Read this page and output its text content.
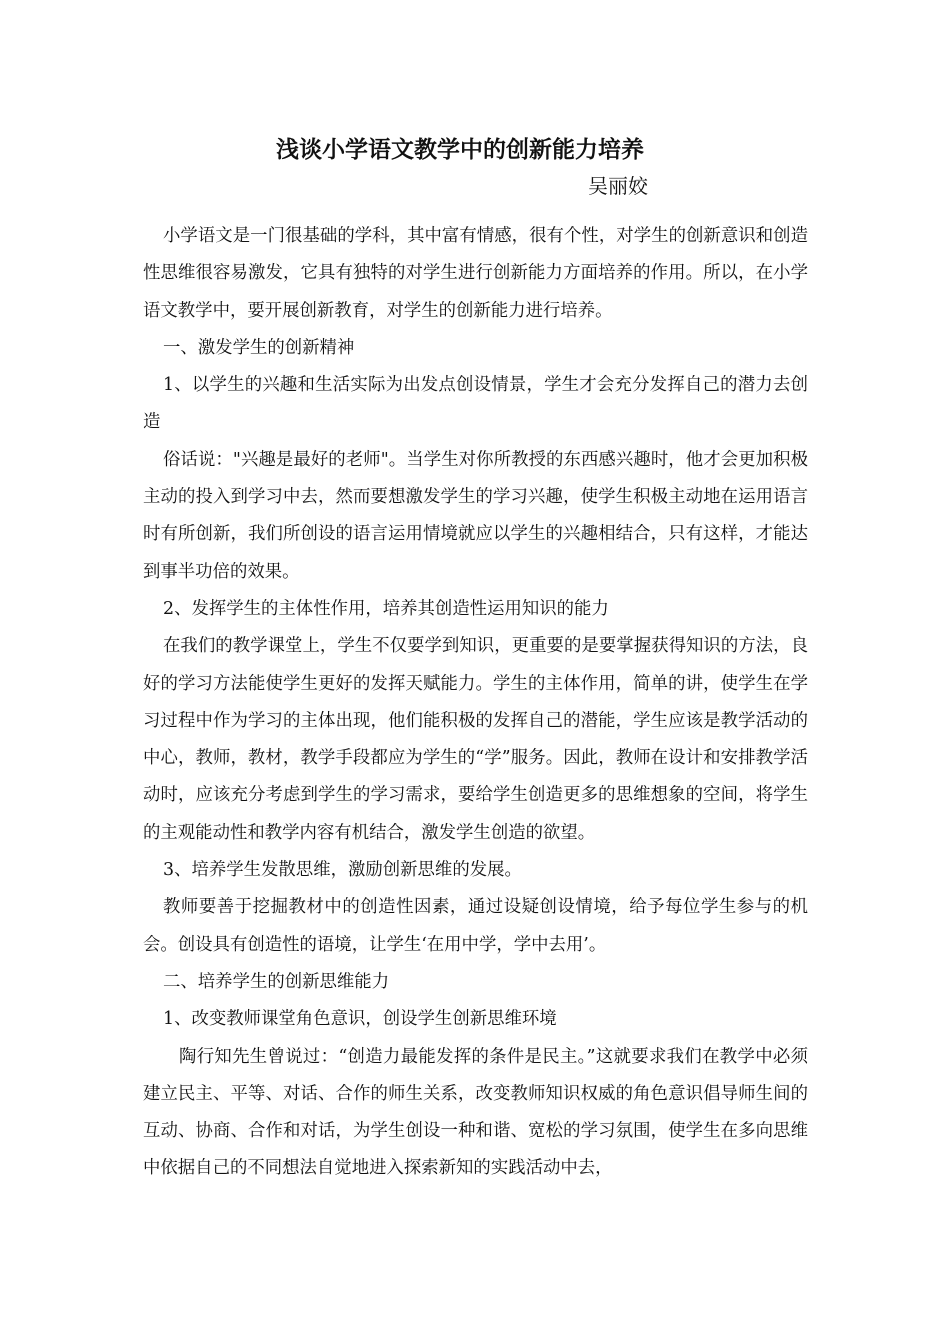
浅谈小学语文教学中的创新能力培养
吴丽姣

小学语文是一门很基础的学科，其中富有情感，很有个性，对学生的创新意识和创造性思维很容易激发，它具有独特的对学生进行创新能力方面培养的作用。所以，在小学语文教学中，要开展创新教育，对学生的创新能力进行培养。

一、激发学生的创新精神

1、以学生的兴趣和生活实际为出发点创设情景，学生才会充分发挥自己的潜力去创造

俗话说："兴趣是最好的老师"。当学生对你所教授的东西感兴趣时，他才会更加积极主动的投入到学习中去，然而要想激发学生的学习兴趣，使学生积极主动地在运用语言时有所创新，我们所创设的语言运用情境就应以学生的兴趣相结合，只有这样，才能达到事半功倍的效果。

2、发挥学生的主体性作用，培养其创造性运用知识的能力

在我们的教学课堂上，学生不仅要学到知识，更重要的是要掌握获得知识的方法，良好的学习方法能使学生更好的发挥天赋能力。学生的主体作用，简单的讲，使学生在学习过程中作为学习的主体出现，他们能积极的发挥自己的潜能，学生应该是教学活动的中心，教师，教材，教学手段都应为学生的“学”服务。因此，教师在设计和安排教学活动时，应该充分考虑到学生的学习需求，要给学生创造更多的思维想象的空间，将学生的主观能动性和教学内容有机结合，激发学生创造的欲望。

3、培养学生发散思维，激励创新思维的发展。

教师要善于挖掘教材中的创造性因素，通过设疑创设情境，给予每位学生参与的机会。创设具有创造性的语境，让学生‘在用中学，学中去用’。

二、培养学生的创新思维能力

1、改变教师课堂角色意识，创设学生创新思维环境

陶行知先生曾说过：“创造力最能发挥的条件是民主。”这就要求我们在教学中必须建立民主、平等、对话、合作的师生关系，改变教师知识权威的角色意识倡导师生间的互动、协商、合作和对话，为学生创设一种和谐、宽松的学习氛围，使学生在多向思维中依据自己的不同想法自觉地进入探索新知的实践活动中去，
